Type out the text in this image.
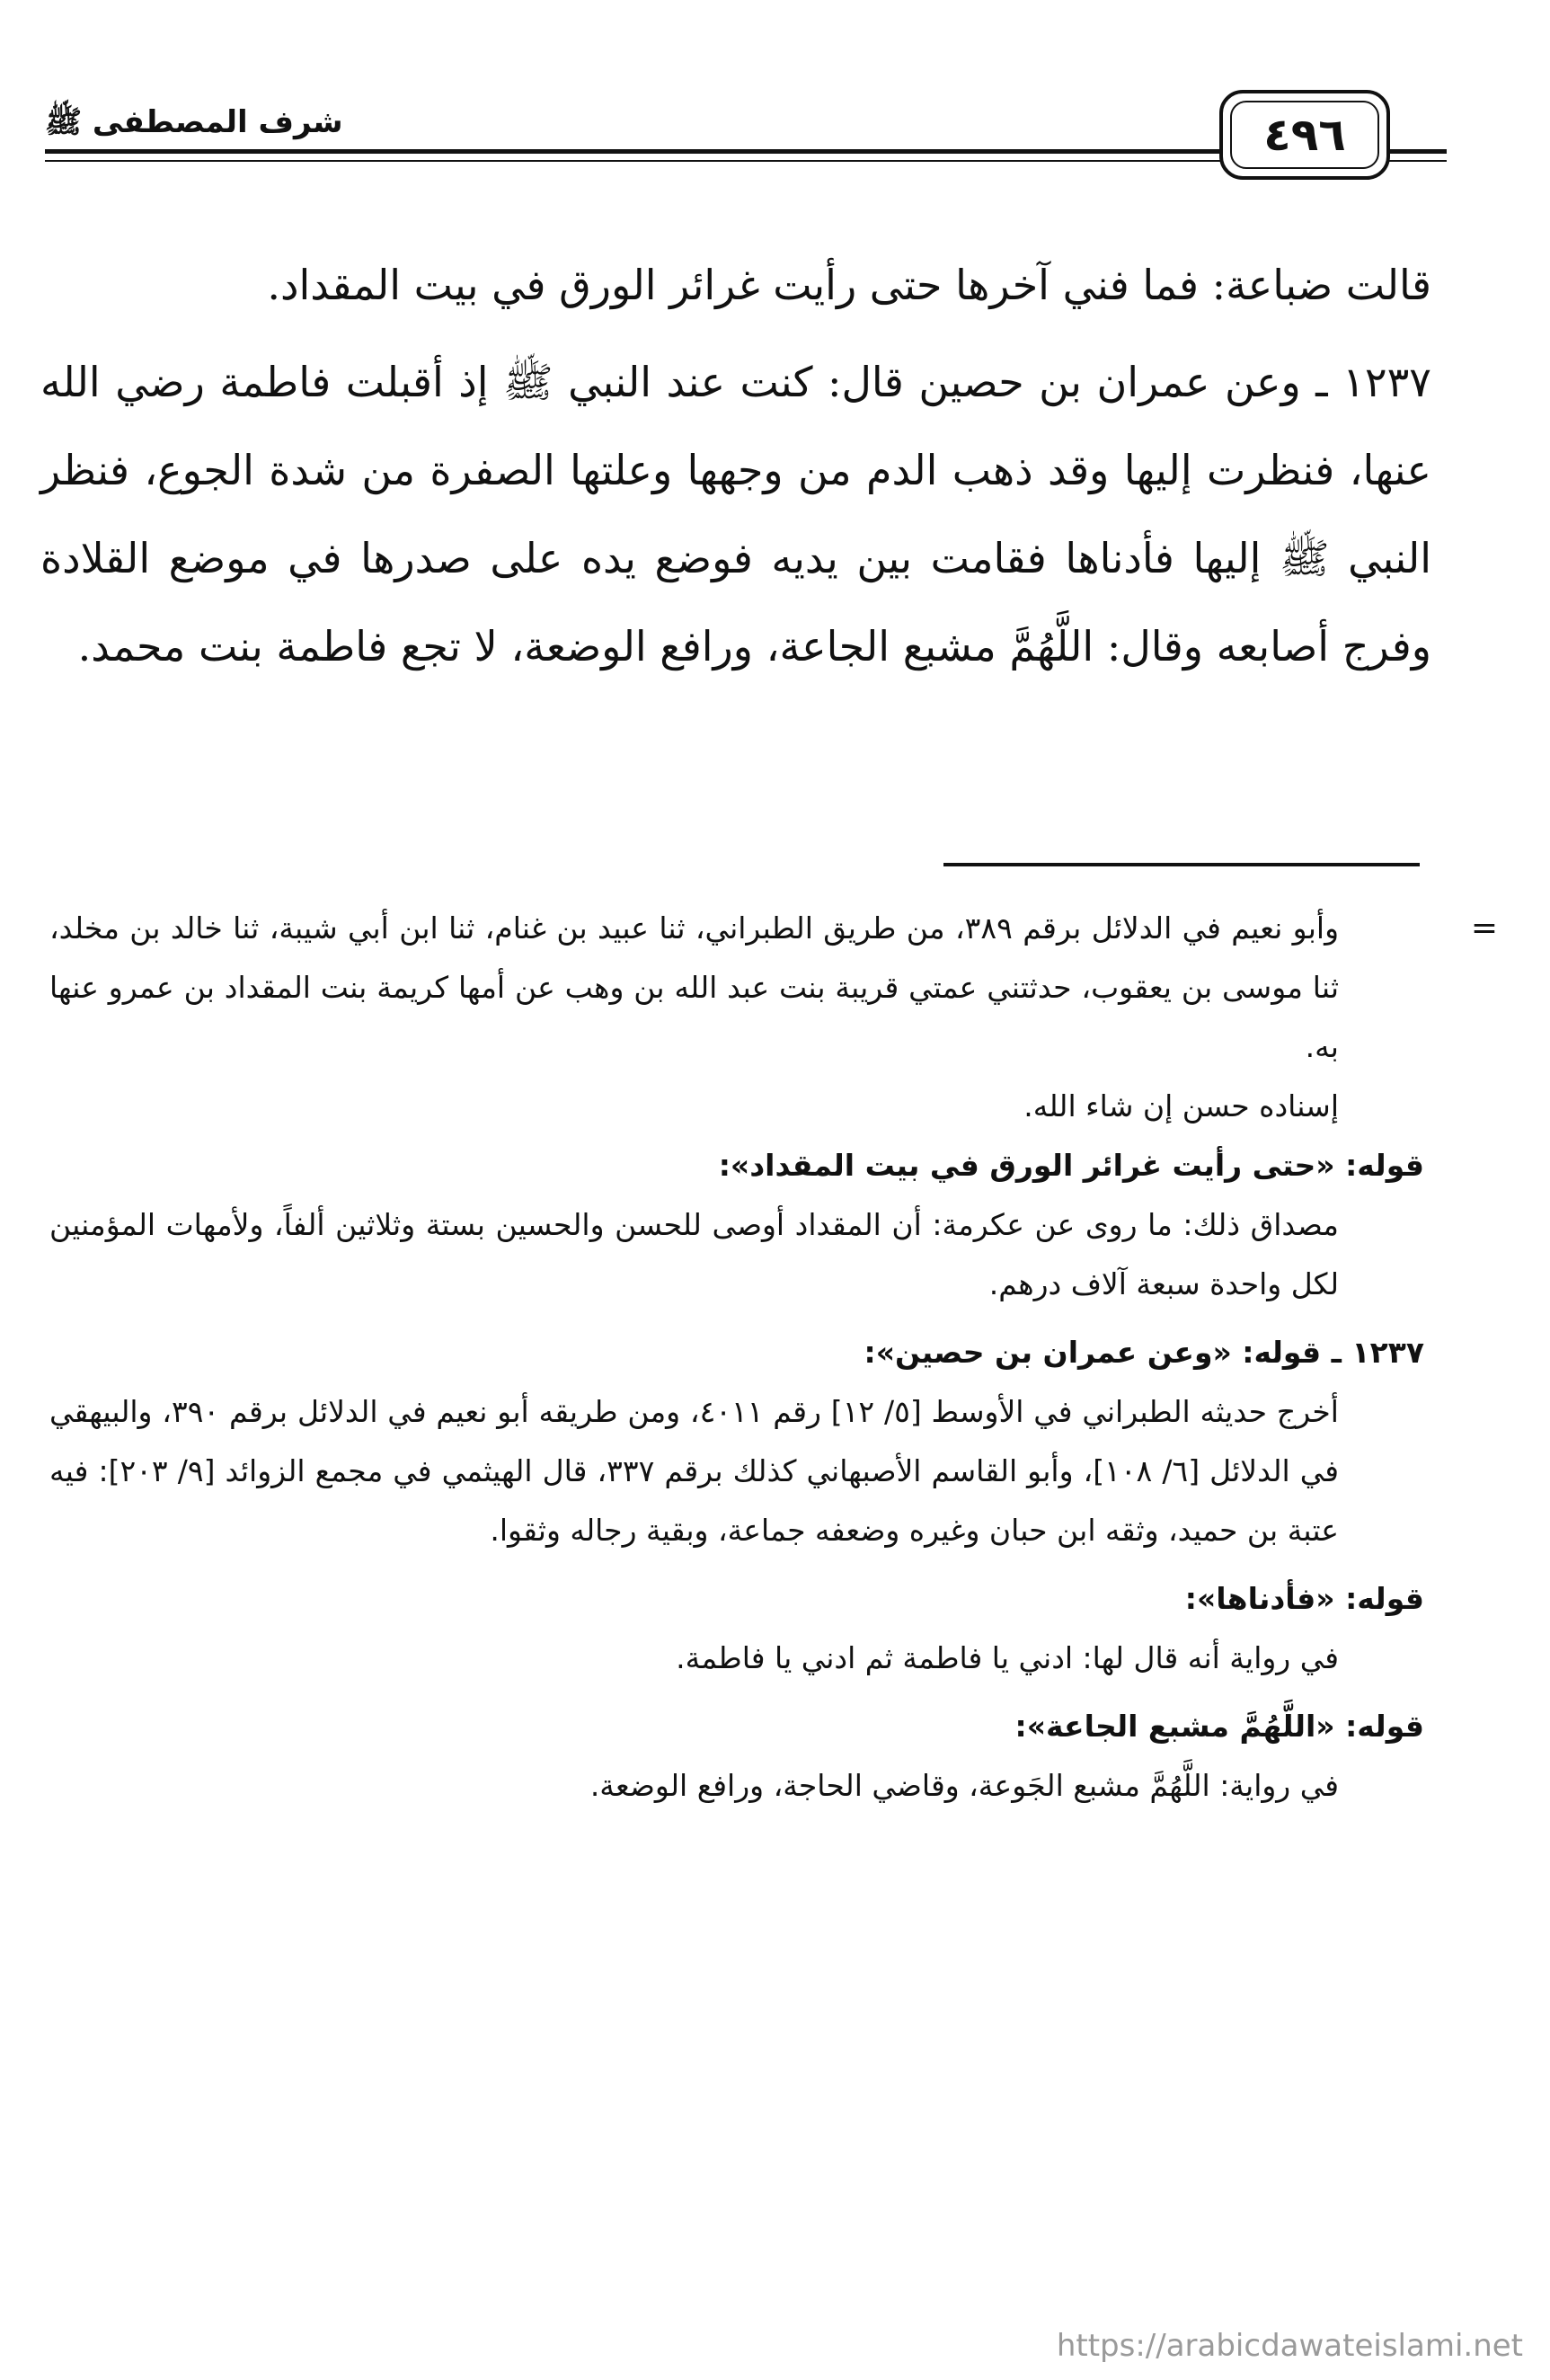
شرف المصطفى ﷺ	٤٩٦

قالت ضباعة: فما فني آخرها حتى رأيت غرائر الورق في بيت المقداد.

١٢٣٧ ـ وعن عمران بن حصين قال: كنت عند النبي ﷺ إذ أقبلت فاطمة رضي الله عنها، فنظرت إليها وقد ذهب الدم من وجهها وعلتها الصفرة من شدة الجوع، فنظر النبي ﷺ إليها فأدناها فقامت بين يديه فوضع يده على صدرها في موضع القلادة وفرج أصابعه وقال: اللَّهُمَّ مشبع الجاعة، ورافع الوضعة، لا تجع فاطمة بنت محمد.

=

وأبو نعيم في الدلائل برقم ٣٨٩، من طريق الطبراني، ثنا عبيد بن غنام، ثنا ابن أبي شيبة، ثنا خالد بن مخلد، ثنا موسى بن يعقوب، حدثتني عمتي قريبة بنت عبد الله بن وهب عن أمها كريمة بنت المقداد بن عمرو عنها به.

إسناده حسن إن شاء الله.

قوله: «حتى رأيت غرائر الورق في بيت المقداد»:

مصداق ذلك: ما روى عن عكرمة: أن المقداد أوصى للحسن والحسين بستة وثلاثين ألفاً، ولأمهات المؤمنين لكل واحدة سبعة آلاف درهم.

١٢٣٧ ـ قوله: «وعن عمران بن حصين»:

أخرج حديثه الطبراني في الأوسط [٥/ ١٢] رقم ٤٠١١، ومن طريقه أبو نعيم في الدلائل برقم ٣٩٠، والبيهقي في الدلائل [٦/ ١٠٨]، وأبو القاسم الأصبهاني كذلك برقم ٣٣٧، قال الهيثمي في مجمع الزوائد [٩/ ٢٠٣]: فيه عتبة بن حميد، وثقه ابن حبان وغيره وضعفه جماعة، وبقية رجاله وثقوا.

قوله: «فأدناها»:

في رواية أنه قال لها: ادني يا فاطمة ثم ادني يا فاطمة.

قوله: «اللَّهُمَّ مشبع الجاعة»:

في رواية: اللَّهُمَّ مشبع الجَوعة، وقاضي الحاجة، ورافع الوضعة.

https://arabicdawateislami.net
